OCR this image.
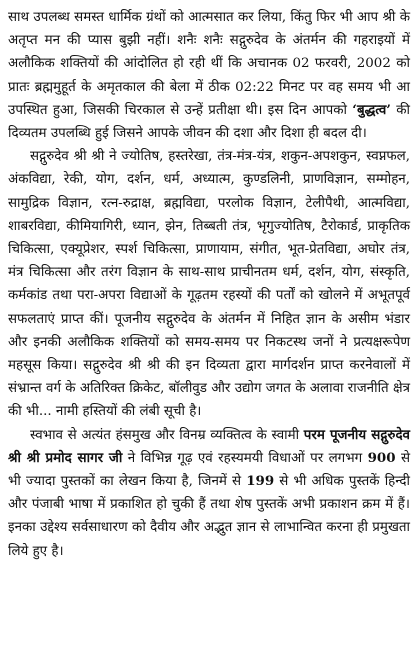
साथ उपलब्ध समस्त धार्मिक ग्रंथों को आत्मसात कर लिया, किंतु फिर भी आप श्री के अतृप्त मन की प्यास बुझी नहीं। शनैः शनैः सद्गुरुदेव के अंतर्मन की गहराइयों में अलौकिक शक्तियों की आंदोलित हो रही थीं कि अचानक 02 फरवरी, 2002 को प्रातः ब्रह्ममुहूर्त के अमृतकाल की बेला में ठीक 02:22 मिनट पर वह समय भी आ उपस्थित हुआ, जिसकी चिरकाल से उन्हें प्रतीक्षा थी। इस दिन आपको ‘बुद्धत्व’ की दिव्यतम उपलब्धि हुई जिसने आपके जीवन की दशा और दिशा ही बदल दी।

सद्गुरुदेव श्री श्री ने ज्योतिष, हस्तरेखा, तंत्र-मंत्र-यंत्र, शकुन-अपशकुन, स्वप्नफल, अंकविद्या, रेकी, योग, दर्शन, धर्म, अध्यात्म, कुण्डलिनी, प्राणविज्ञान, सम्मोहन, सामुद्रिक विज्ञान, रत्न-रुद्राक्ष, ब्रह्मविद्या, परलोक विज्ञान, टेलीपैथी, आत्मविद्या, शाबरविद्या, कीमियागिरी, ध्यान, झेन, तिब्बती तंत्र, भृगुज्योतिष, टैरोकार्ड, प्राकृतिक चिकित्सा, एक्यूप्रेशर, स्पर्श चिकित्सा, प्राणायाम, संगीत, भूत-प्रेतविद्या, अघोर तंत्र, मंत्र चिकित्सा और तरंग विज्ञान के साथ-साथ प्राचीनतम धर्म, दर्शन, योग, संस्कृति, कर्मकांड तथा परा-अपरा विद्याओं के गूढ़तम रहस्यों की पर्तों को खोलने में अभूतपूर्व सफलताएं प्राप्त कीं। पूजनीय सद्गुरुदेव के अंतर्मन में निहित ज्ञान के असीम भंडार और इनकी अलौकिक शक्तियों को समय-समय पर निकटस्थ जनों ने प्रत्यक्षरूपेण महसूस किया। सद्गुरुदेव श्री श्री की इन दिव्यता द्वारा मार्गदर्शन प्राप्त करनेवालों में संभ्रान्त वर्ग के अतिरिक्त क्रिकेट, बॉलीवुड और उद्योग जगत के अलावा राजनीति क्षेत्र की भी... नामी हस्तियों की लंबी सूची है।

स्वभाव से अत्यंत हंसमुख और विनम्र व्यक्तित्व के स्वामी परम पूजनीय सद्गुरुदेव श्री श्री प्रमोद सागर जी ने विभिन्न गूढ़ एवं रहस्यमयी विधाओं पर लगभग 900 से भी ज्यादा पुस्तकों का लेखन किया है, जिनमें से 199 से भी अधिक पुस्तकें हिन्दी और पंजाबी भाषा में प्रकाशित हो चुकी हैं तथा शेष पुस्तकें अभी प्रकाशन क्रम में हैं। इनका उद्देश्य सर्वसाधारण को दैवीय और अद्भुत ज्ञान से लाभान्वित करना ही प्रमुखता लिये हुए है।
